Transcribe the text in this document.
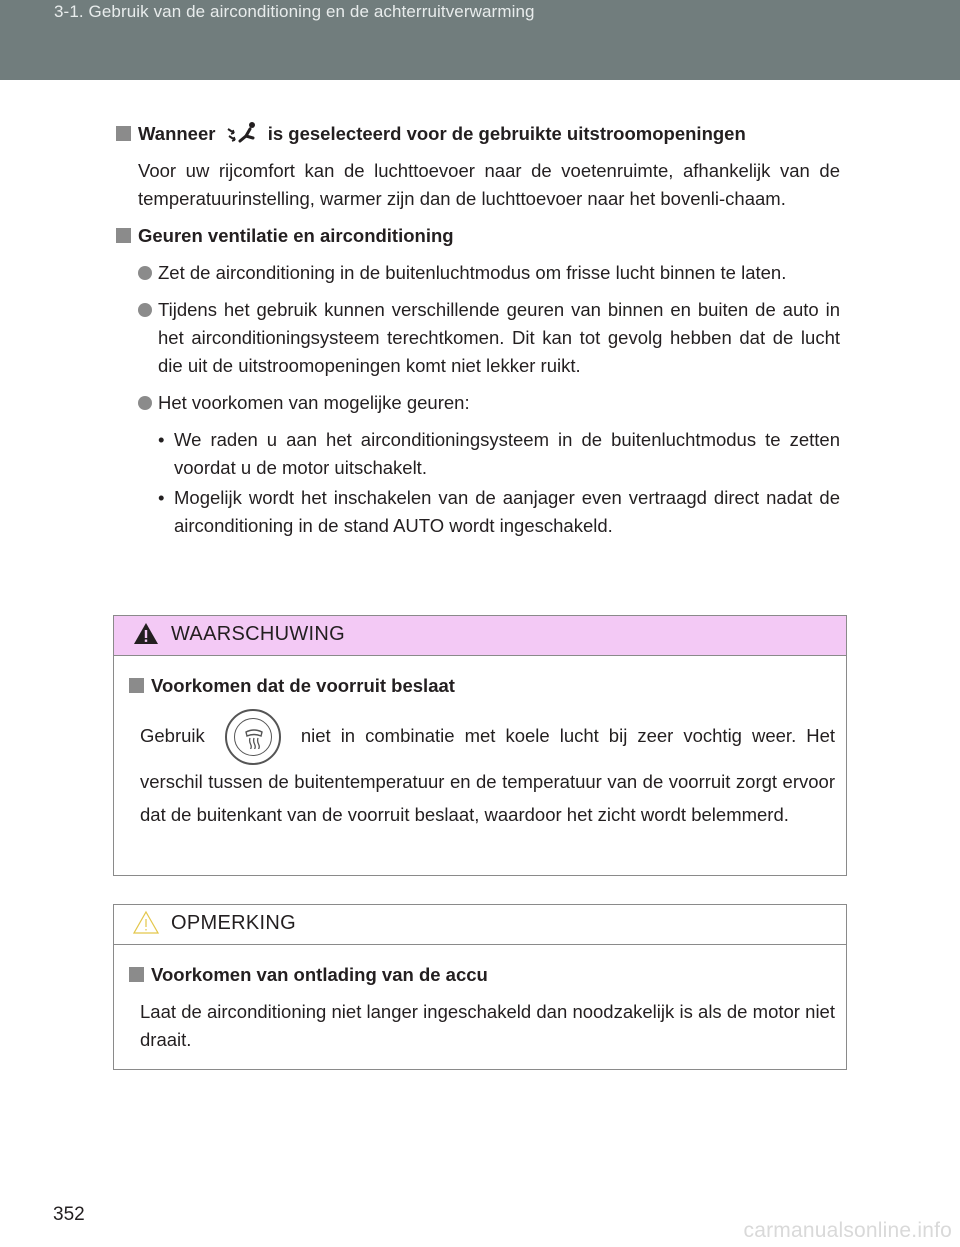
3-1. Gebruik van de airconditioning en de achterruitverwarming
Wanneer	is geselecteerd voor de gebruikte uitstroomopeningen
Voor uw rijcomfort kan de luchttoevoer naar de voetenruimte, afhankelijk van de temperatuurinstelling, warmer zijn dan de luchttoevoer naar het bovenli-chaam.
Geuren ventilatie en airconditioning
Zet de airconditioning in de buitenluchtmodus om frisse lucht binnen te laten.
Tijdens het gebruik kunnen verschillende geuren van binnen en buiten de auto in het airconditioningsysteem terechtkomen. Dit kan tot gevolg hebben dat de lucht die uit de uitstroomopeningen komt niet lekker ruikt.
Het voorkomen van mogelijke geuren:
• We raden u aan het airconditioningsysteem in de buitenluchtmodus te zetten voordat u de motor uitschakelt.
• Mogelijk wordt het inschakelen van de aanjager even vertraagd direct nadat de airconditioning in de stand AUTO wordt ingeschakeld.
WAARSCHUWING
Voorkomen dat de voorruit beslaat
Gebruik	niet in combinatie met koele lucht bij zeer vochtig weer. Het verschil tussen de buitentemperatuur en de temperatuur van de voorruit zorgt ervoor dat de buitenkant van de voorruit beslaat, waardoor het zicht wordt belemmerd.
OPMERKING
Voorkomen van ontlading van de accu
Laat de airconditioning niet langer ingeschakeld dan noodzakelijk is als de motor niet draait.
352
carmanualsonline.info
